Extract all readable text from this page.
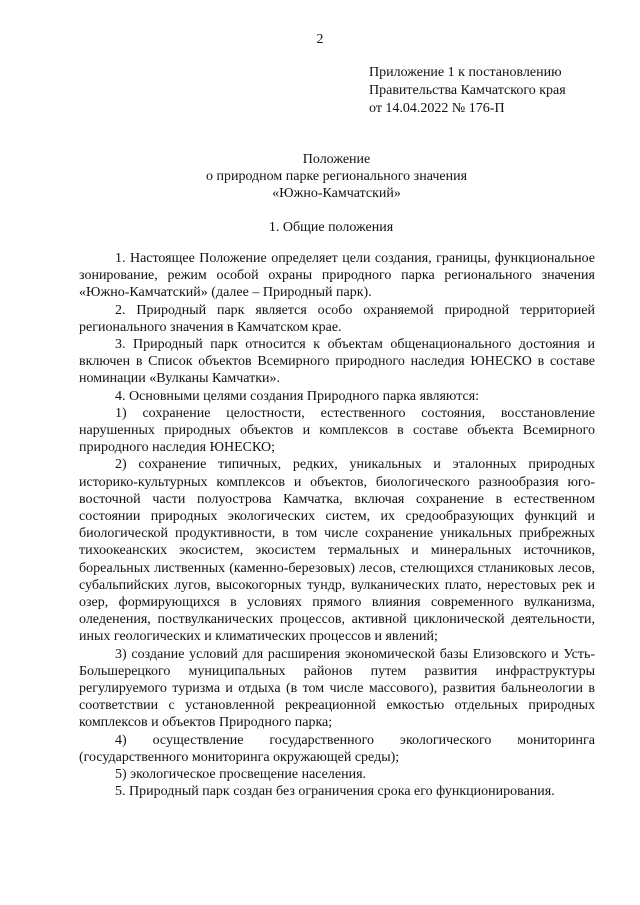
2
Приложение 1 к постановлению
Правительства Камчатского края
от 14.04.2022 № 176-П
Положение
о природном парке регионального значения
«Южно-Камчатский»
1. Общие положения

1. Настоящее Положение определяет цели создания, границы, функциональное зонирование, режим особой охраны природного парка регионального значения «Южно-Камчатский» (далее – Природный парк).

2. Природный парк является особо охраняемой природной территорией регионального значения в Камчатском крае.

3. Природный парк относится к объектам общенационального достояния и включен в Список объектов Всемирного природного наследия ЮНЕСКО в составе номинации «Вулканы Камчатки».

4. Основными целями создания Природного парка являются:

1) сохранение целостности, естественного состояния, восстановление нарушенных природных объектов и комплексов в составе объекта Всемирного природного наследия ЮНЕСКО;

2) сохранение типичных, редких, уникальных и эталонных природных историко-культурных комплексов и объектов, биологического разнообразия юго-восточной части полуострова Камчатка, включая сохранение в естественном состоянии природных экологических систем, их средообразующих функций и биологической продуктивности, в том числе сохранение уникальных прибрежных тихоокеанских экосистем, экосистем термальных и минеральных источников, бореальных лиственных (каменно-березовых) лесов, стелющихся стланиковых лесов, субальпийских лугов, высокогорных тундр, вулканических плато, нерестовых рек и озер, формирующихся в условиях прямого влияния современного вулканизма, оледенения, поствулканических процессов, активной циклонической деятельности, иных геологических и климатических процессов и явлений;

3) создание условий для расширения экономической базы Елизовского и Усть-Большерецкого муниципальных районов путем развития инфраструктуры регулируемого туризма и отдыха (в том числе массового), развития бальнеологии в соответствии с установленной рекреационной емкостью отдельных природных комплексов и объектов Природного парка;

4) осуществление государственного экологического мониторинга (государственного мониторинга окружающей среды);

5) экологическое просвещение населения.

5. Природный парк создан без ограничения срока его функционирования.
